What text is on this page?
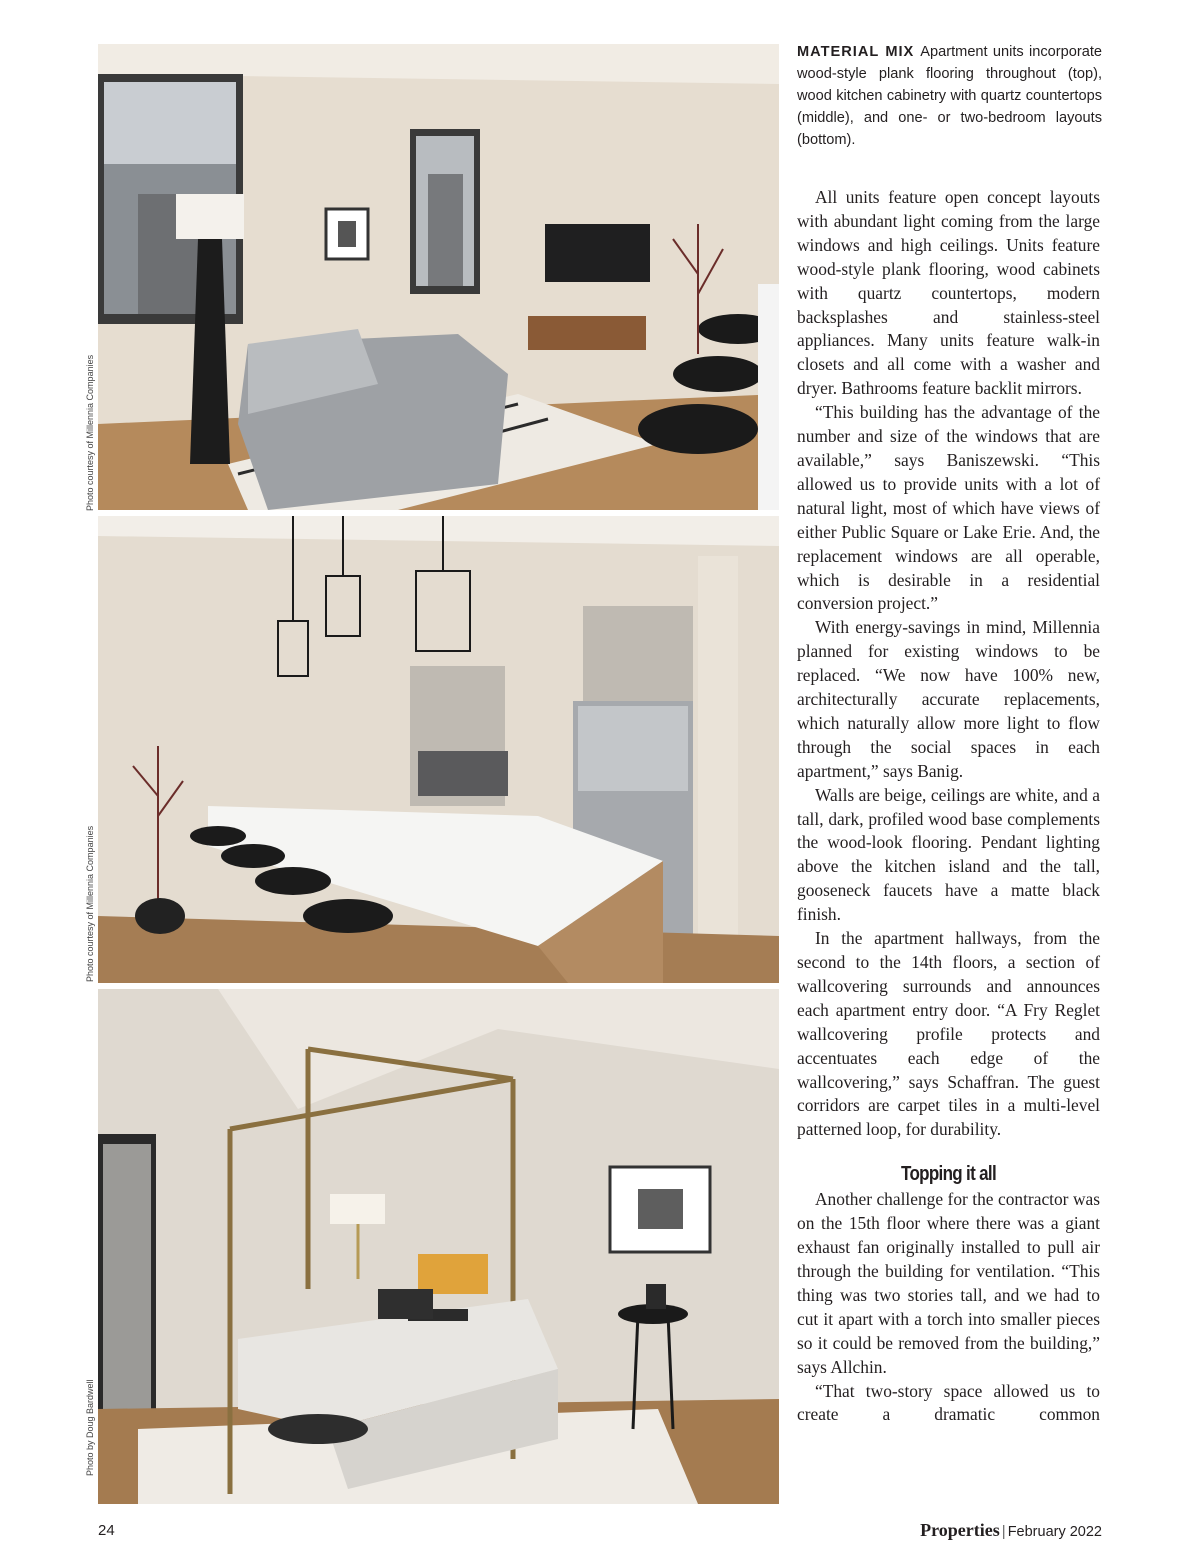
Photo courtesy of Millennia Companies
Photo courtesy of Millennia Companies
Photo by Doug Bardwell
MATERIAL MIX Apartment units incorporate wood-style plank flooring throughout (top), wood kitchen cabinetry with quartz countertops (middle), and one- or two-bedroom layouts (bottom).

All units feature open concept layouts with abundant light coming from the large windows and high ceilings. Units feature wood-style plank flooring, wood cabinets with quartz countertops, modern backsplashes and stainless-steel appliances. Many units feature walk-in closets and all come with a washer and dryer. Bathrooms feature backlit mirrors.

“This building has the advantage of the number and size of the windows that are available,” says Baniszewski. “This allowed us to provide units with a lot of natural light, most of which have views of either Public Square or Lake Erie. And, the replacement windows are all operable, which is desirable in a residential conversion project.”

With energy-savings in mind, Millennia planned for existing windows to be replaced. “We now have 100% new, architecturally accurate replacements, which naturally allow more light to flow through the social spaces in each apartment,” says Banig.

Walls are beige, ceilings are white, and a tall, dark, profiled wood base complements the wood-look flooring. Pendant lighting above the kitchen island and the tall, gooseneck faucets have a matte black finish.

In the apartment hallways, from the second to the 14th floors, a section of wallcovering surrounds and announces each apartment entry door. “A Fry Reglet wallcovering profile protects and accentuates each edge of the wallcovering,” says Schaffran. The guest corridors are carpet tiles in a multi-level patterned loop, for durability.

Topping it all

Another challenge for the contractor was on the 15th floor where there was a giant exhaust fan originally installed to pull air through the building for ventilation. “This thing was two stories tall, and we had to cut it apart with a torch into smaller pieces so it could be removed from the building,” says Allchin.

“That two-story space allowed us to create a dramatic common

24	Properties | February 2022
